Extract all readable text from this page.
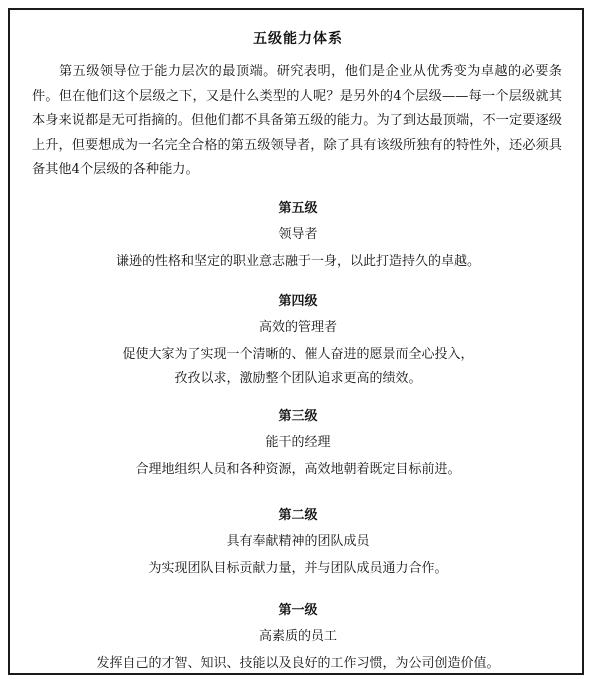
五级能力体系

第五级领导位于能力层次的最顶端。研究表明，他们是企业从优秀变为卓越的必要条件。但在他们这个层级之下，又是什么类型的人呢？是另外的4个层级——每一个层级就其本身来说都是无可指摘的。但他们都不具备第五级的能力。为了到达最顶端，不一定要逐级上升，但要想成为一名完全合格的第五级领导者，除了具有该级所独有的特性外，还必须具备其他4个层级的各种能力。

第五级
领导者
谦逊的性格和坚定的职业意志融于一身，以此打造持久的卓越。
第四级
高效的管理者
促使大家为了实现一个清晰的、催人奋进的愿景而全心投入，
孜孜以求，激励整个团队追求更高的绩效。
第三级
能干的经理
合理地组织人员和各种资源，高效地朝着既定目标前进。
第二级
具有奉献精神的团队成员
为实现团队目标贡献力量，并与团队成员通力合作。
第一级
高素质的员工
发挥自己的才智、知识、技能以及良好的工作习惯，为公司创造价值。
